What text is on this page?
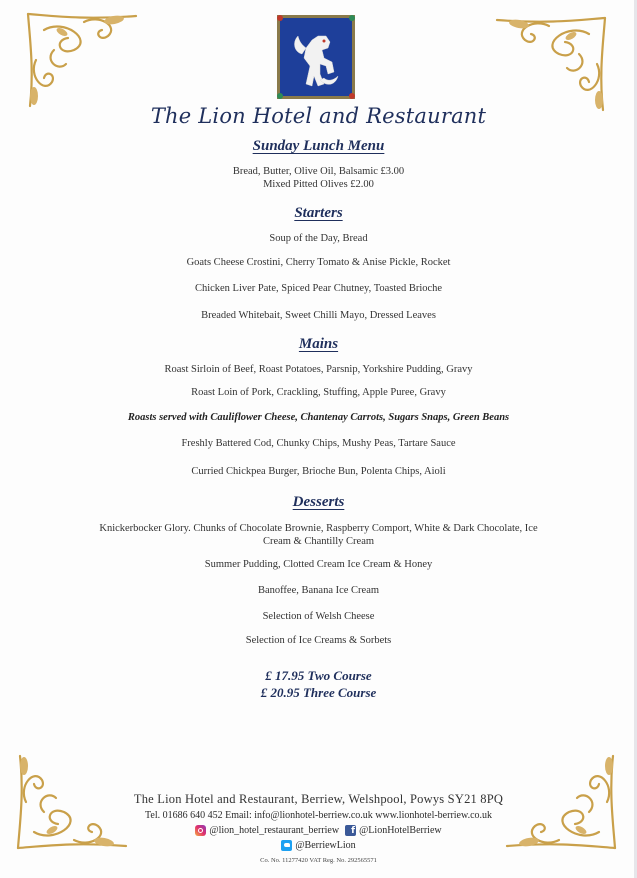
The Lion Hotel and Restaurant
Sunday Lunch Menu
Bread, Butter, Olive Oil, Balsamic £3.00
Mixed Pitted Olives £2.00
Starters
Soup of the Day, Bread
Goats Cheese Crostini, Cherry Tomato & Anise Pickle, Rocket
Chicken Liver Pate, Spiced Pear Chutney, Toasted Brioche
Breaded Whitebait, Sweet Chilli Mayo, Dressed Leaves
Mains
Roast Sirloin of Beef, Roast Potatoes, Parsnip, Yorkshire Pudding, Gravy
Roast Loin of Pork, Crackling, Stuffing, Apple Puree, Gravy
Roasts served with Cauliflower Cheese, Chantenay Carrots, Sugars Snaps, Green Beans
Freshly Battered Cod, Chunky Chips, Mushy Peas, Tartare Sauce
Curried Chickpea Burger, Brioche Bun, Polenta Chips, Aioli
Desserts
Knickerbocker Glory. Chunks of Chocolate Brownie, Raspberry Comport, White & Dark Chocolate, Ice
Cream & Chantilly Cream
Summer Pudding, Clotted Cream Ice Cream & Honey
Banoffee, Banana Ice Cream
Selection of Welsh Cheese
Selection of Ice Creams & Sorbets
£ 17.95 Two Course
£ 20.95 Three Course
The Lion Hotel and Restaurant, Berriew, Welshpool, Powys SY21 8PQ
Tel. 01686 640 452 Email: info@lionhotel-berriew.co.uk www.lionhotel-berriew.co.uk
@lion_hotel_restaurant_berriew	f @LionHotelBerriew
@BerriewLion
Co. No. 11277420 VAT Reg. No. 292565571
